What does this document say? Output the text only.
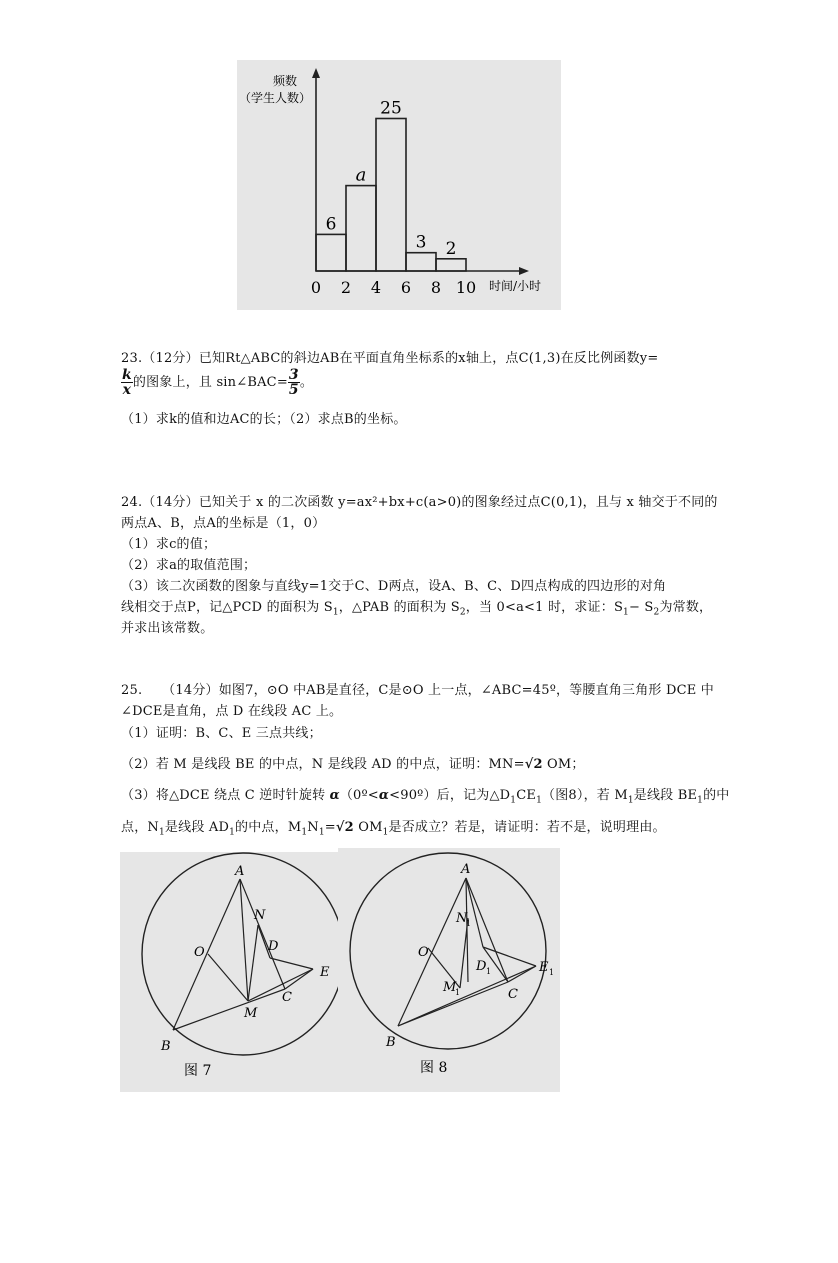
频数
（学生人数）
时间/小时
6
a
25
3 2
0 2 4 6 8 10
23.（12分）已知Rt△ABC的斜边AB在平面直角坐标系的x轴上，点C(1,3)在反比例函数y=
$\frac{k}{x}$ 的图象上，且 sin∠BAC= $\frac{3}{5}$ 。
（1）求k的值和边AC的长；（2）求点B的坐标。
24.（14分）已知关于 x 的二次函数 y=ax²+bx+c(a>0)的图象经过点C(0,1)，且与 x 轴交于不同的
两点A、B，点A的坐标是（1，0）
（1）求c的值；
（2）求a的取值范围；
（3）该二次函数的图象与直线y=1交于C、D两点，设A、B、C、D四点构成的四边形的对角
线相交于点P，记△PCD 的面积为 $S_1$，△PAB 的面积为 $S_2$，当 0<a<1 时，求证：$S_1- S_2$为常数，
并求出该常数。
25.　　（14分）如图7，⊙O 中AB是直径，C是⊙O 上一点，∠ABC=45º，等腰直角三角形 DCE 中
∠DCE是直角，点 D 在线段 AC 上。
（1）证明：B、C、E 三点共线；
（2）若 M 是线段 BE 的中点，N 是线段 AD 的中点，证明：MN=√2 OM；
（3）将△DCE 绕点 C 逆时针旋转 α（0º<α<90º）后，记为$\triangle D_1CE_1$（图8），若 $M_1$是线段 $BE_1$的中
点，$N_1$是线段 $AD_1$的中点，$M_1N_1=√2$ $OM_1$是否成立？若是，请证明：若不是，说明理由。
A
N
O	D
E
C
M
B
图 7
A
N
1
O
D 1	E 1
M
1	C
B
图 8
